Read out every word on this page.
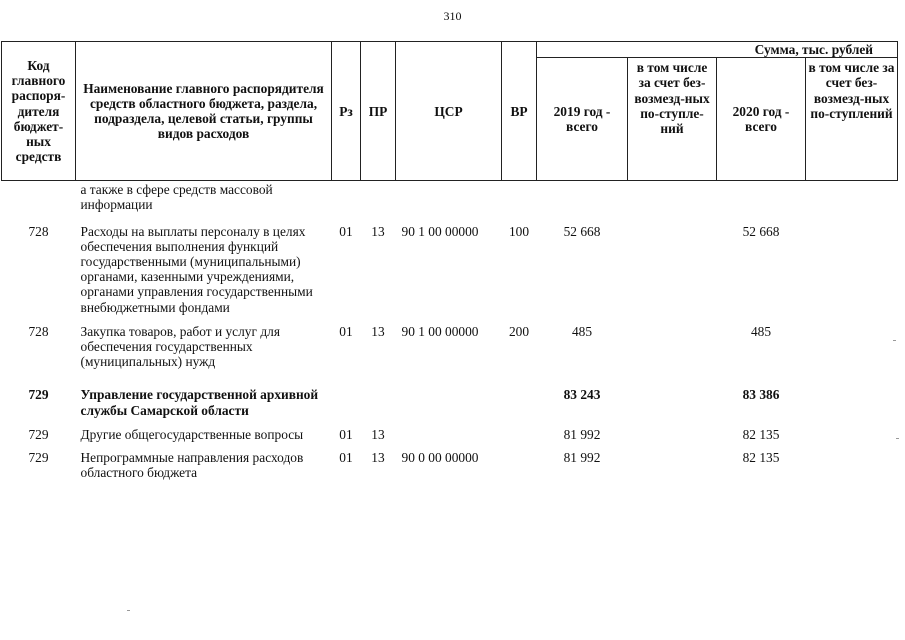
310
Код главного распоря-дителя бюджет-ных средств	Наименование главного распорядителя средств областного бюджета, раздела, подраздела, целевой статьи, группы видов расходов	Рз	ПР	ЦСР	ВР	Сумма, тыс. рублей			
						2019 год - всего	в том числе за счет без-возмезд-ных по-ступле-ний	2020 год - всего	в том числе за счет без-возмезд-ных по-ступлений
	а также в сфере средств массовой информации								
728	Расходы на выплаты персоналу в целях обеспечения выполнения функций государственными (муниципальными) органами, казенными учреждениями, органами управления государственными внебюджетными фондами	01	13	90 1 00 00000	100	52 668		52 668	
728	Закупка товаров, работ и услуг для обеспечения государственных (муниципальных) нужд	01	13	90 1 00 00000	200	485		485	
729	Управление государственной архивной службы Самарской области					83 243		83 386	
729	Другие общегосударственные вопросы	01	13			81 992		82 135	
729	Непрограммные направления расходов областного бюджета	01	13	90 0 00 00000		81 992		82 135	
